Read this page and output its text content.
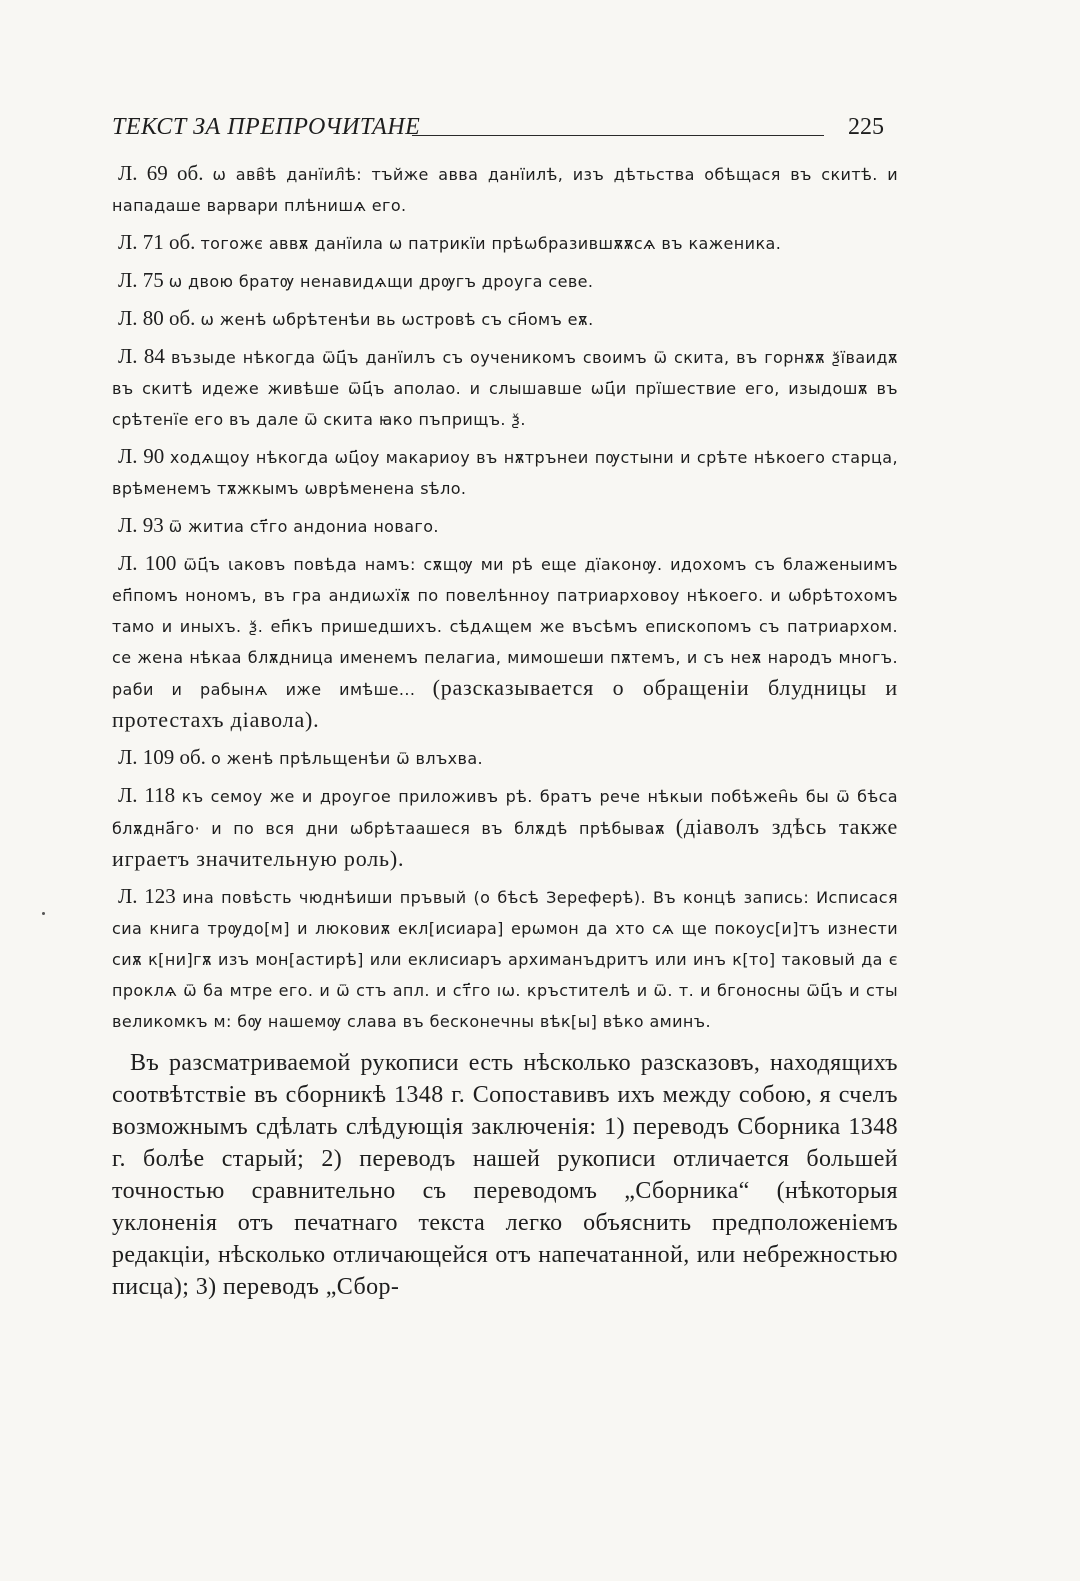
ТЕКСТ ЗА ПРЕПРОЧИТАНЕ	225

Л. 69 об. ѡ авв҄ѣ данїил҄ѣ: тъйже авва данїилѣ, изъ дѣтьства обѣщася въ скитѣ. и нападаше варвари плѣнишѧ его.

Л. 71 об. тогожє аввѫ данїила ѡ патрикїи прѣѡбразившѫѫсѧ въ каженика.

Л. 75 ѡ двою братѹ ненавидѧщи дрѹгъ дроуга севе.

Л. 80 об. ѡ женѣ ѡбрѣтенѣи вь ѡстровѣ съ сн҃омъ еѫ.

Л. 84 възыде нѣкогда ѿц҃ъ данїилъ съ оученикомъ своимъ ѿ скита, въ горнѫѫ ѯїваидѫ въ скитѣ идеже живѣше ѿц҃ъ аполао. и слышавше ѡц҃и прїшествие его, изыдошѫ въ срѣтенїе его въ дале ѿ скита ꙗко пъприщъ. ѯ.

Л. 90 ходѧщоу нѣкогда ѡц҃оу макариоу въ нѫтрънеи пѹстыни и срѣте нѣкоего старца, врѣменемъ тѫжкымъ ѡврѣменена ѕѣло.

Л. 93 ѿ житиа ст҃го андониа новаго.

Л. 100 ѿц҃ъ ꙇаковъ повѣда намъ: сѫщѹ ми рѣ еще дїаконѹ. идохомъ съ блаженыимъ еп҃помъ нономъ, въ гра андиѡхїѫ по повелѣнноу патриарховоу нѣкоего. и ѡбрѣтохомъ тамо и иныхъ. ѯ. еп҃къ пришедшихъ. сѣдѧщем же въсѣмъ епископомъ съ патриархом. се жена нѣкаа блѫдница именемъ пелагиа, мимошеши пѫтемъ, и съ неѫ народъ многъ. раби и рабынѧ иже имѣше... (разсказывается о обращенiи блудницы и протестахъ дiавола).

Л. 109 об. о женѣ прѣльщенѣи ѿ влъхва.

Л. 118 къ семоу же и дроугое приложивъ рѣ. братъ рече нѣкыи побѣжен҄ь бы ѿ бѣса блѫдна҃го· и по вся дни ѡбрѣтаашеся въ блѫдѣ прѣбываѫ (дiаволъ здѣсь также играетъ значительную роль).

Л. 123 ина повѣсть чюднѣиши пръвый (о бѣсѣ Зереферѣ). Въ концѣ запись: Исписася сиа книга трѹдо[м] и люковиѫ екл[исиара] ерѡмон да хто сѧ ще покоус[и]тъ изнести сиѫ к[ни]гѫ изъ мон[астирѣ] или еклисиаръ архиманъдритъ или инъ к[то] таковый да є проклѧ ѿ ба мтре его. и ѿ стъ апл. и ст҃го ıѡ. кръстителѣ и ѿ. т. и бгоносны ѿц҃ъ и сты великомкъ м: бѹ нашемѹ слава въ бесконечны вѣк[ы] вѣко аминъ.

Въ разсматриваемой рукописи есть нѣсколько разсказовъ, находящихъ соотвѣтствiе въ сборникѣ 1348 г. Сопоставивъ ихъ между собою, я счелъ возможнымъ сдѣлать слѣдующiя заключенiя: 1) переводъ Сборника 1348 г. болѣе старый; 2) переводъ нашей рукописи отличается большей точностью сравнительно съ переводомъ „Сборника“ (нѣкоторыя уклоненiя отъ печатнаго текста легко объяснить предположенiемъ редакцiи, нѣсколько отличающейся отъ напечатанной, или небрежностью писца); 3) переводъ „Сбор-
